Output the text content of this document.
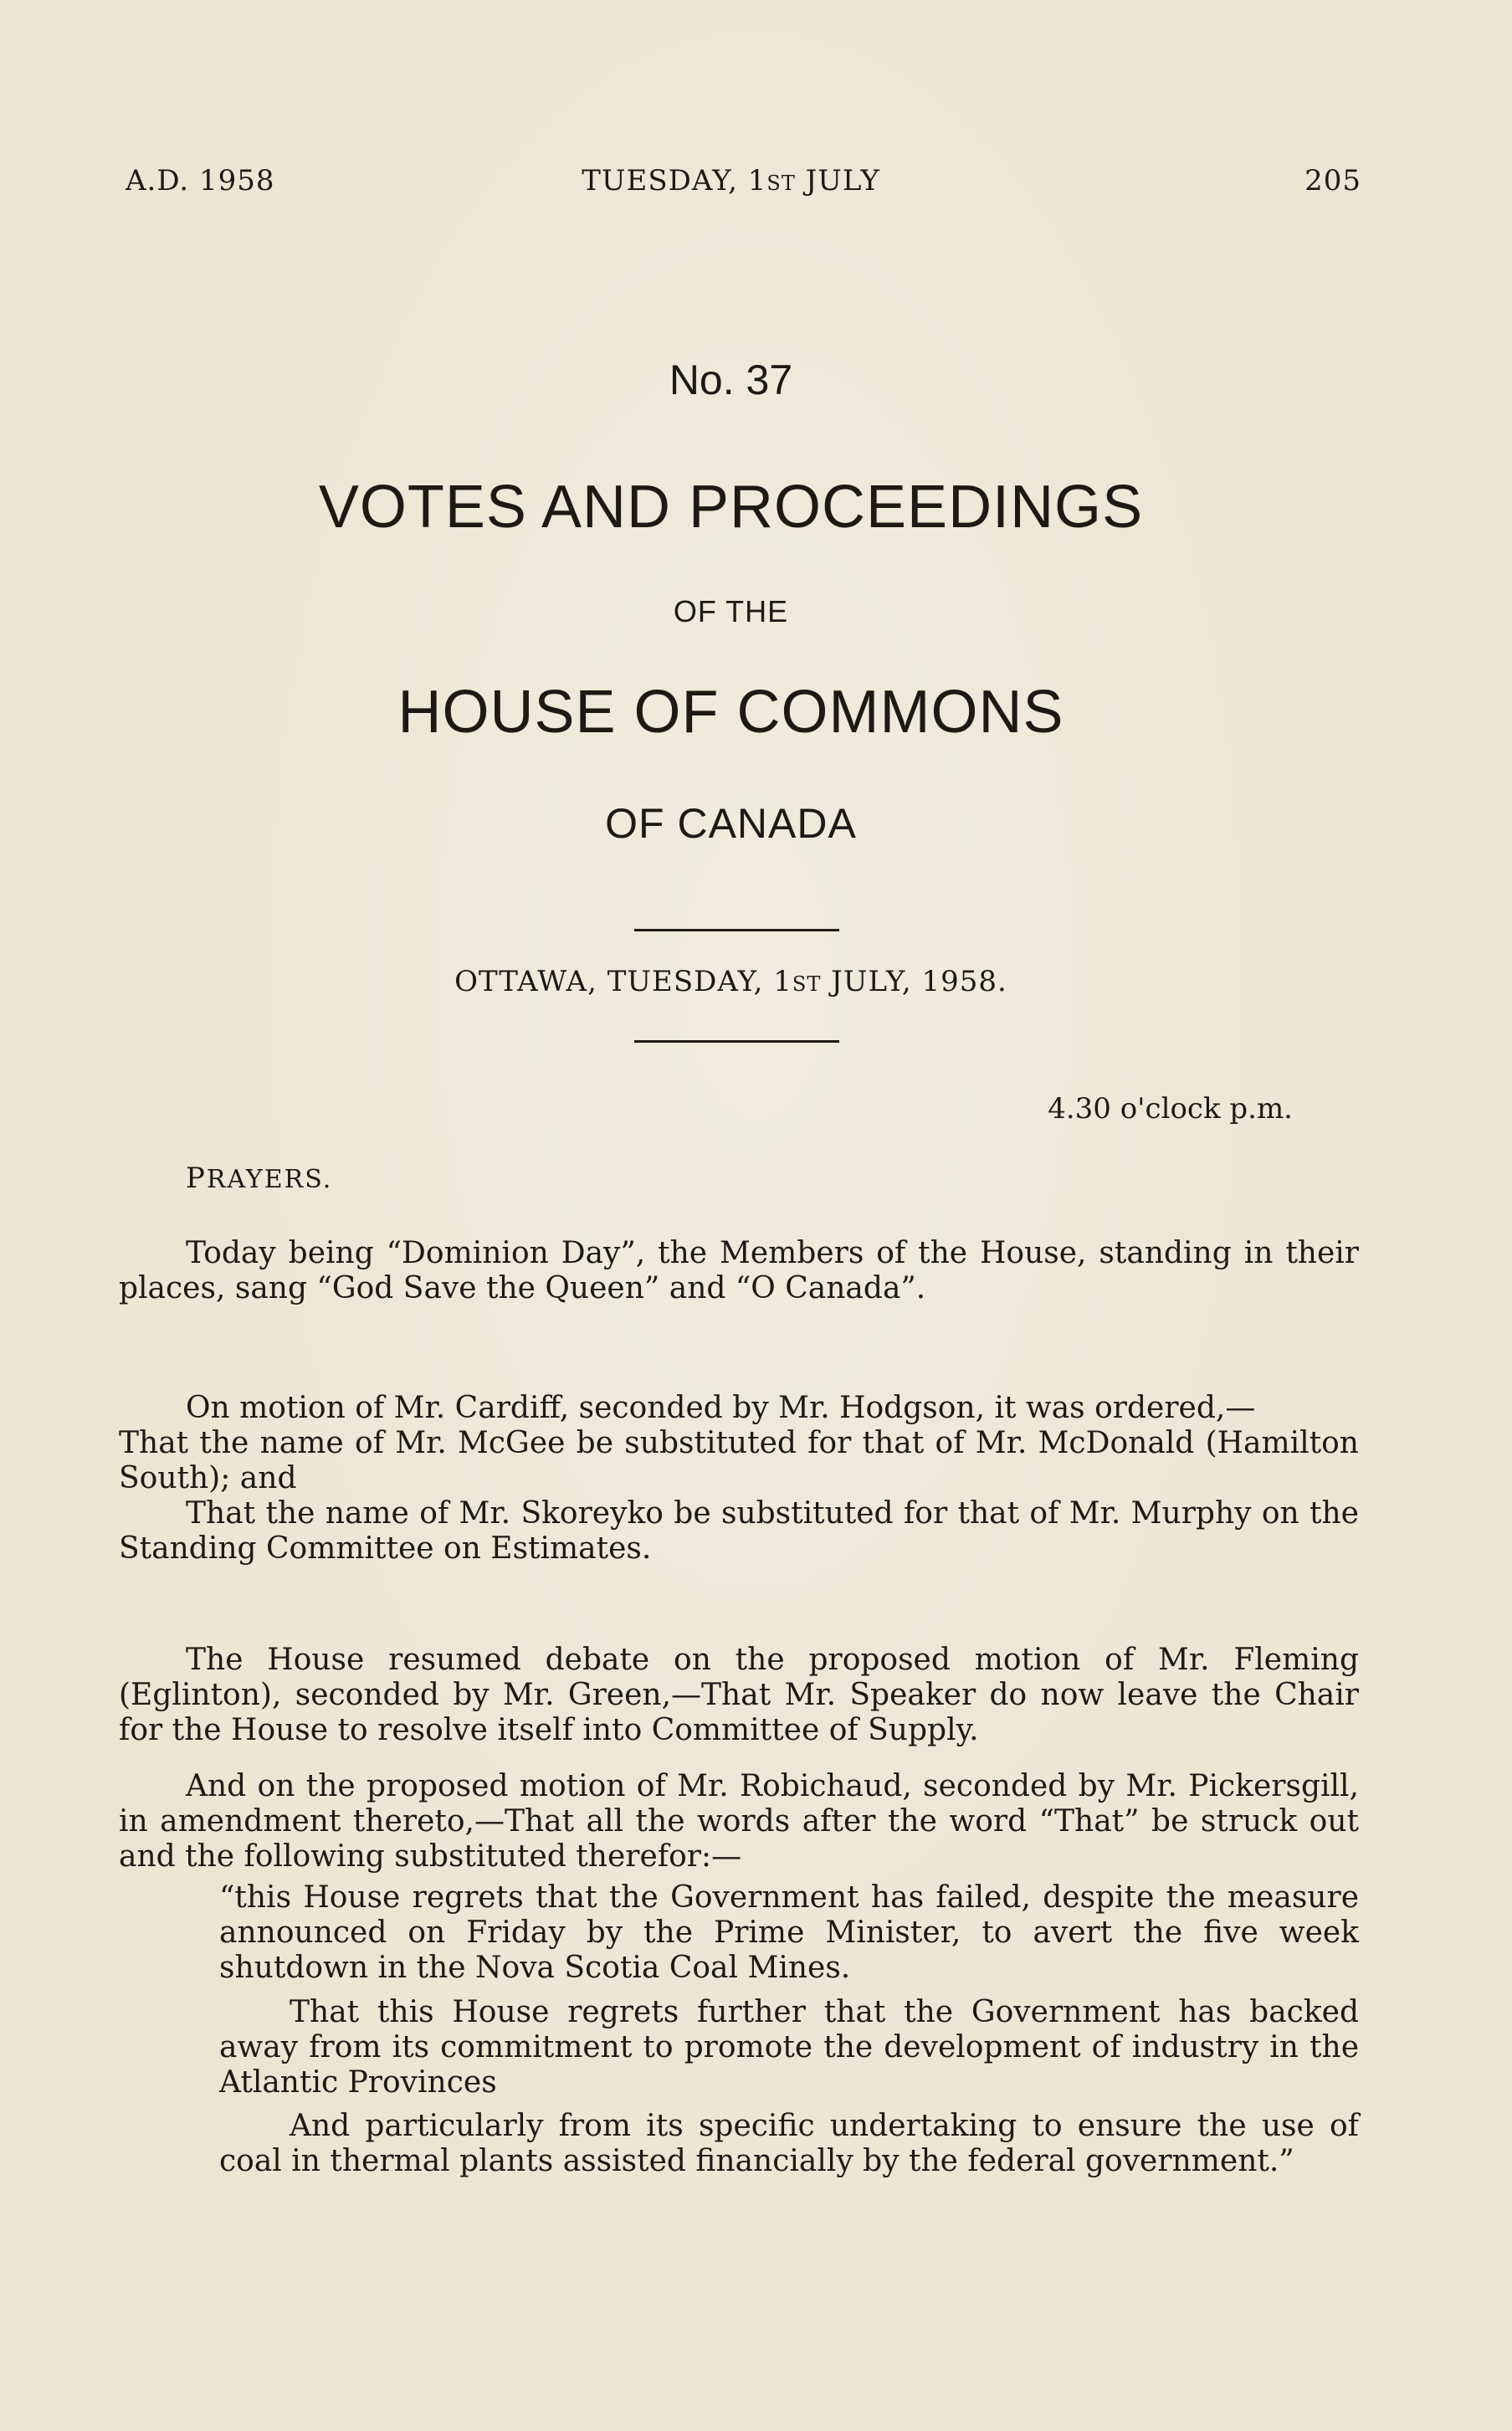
A.D. 1958	TUESDAY, 1ST JULY	205
No. 37
VOTES AND PROCEEDINGS
OF THE
HOUSE OF COMMONS
OF CANADA
OTTAWA, TUESDAY, 1ST JULY, 1958.
4.30 o'clock p.m.
PRAYERS.

Today being “Dominion Day”, the Members of the House, standing in their places, sang “God Save the Queen” and “O Canada”.

On motion of Mr. Cardiff, seconded by Mr. Hodgson, it was ordered,—

That the name of Mr. McGee be substituted for that of Mr. McDonald (Hamilton South); and

That the name of Mr. Skoreyko be substituted for that of Mr. Murphy on the Standing Committee on Estimates.

The House resumed debate on the proposed motion of Mr. Fleming (Eglinton), seconded by Mr. Green,—That Mr. Speaker do now leave the Chair for the House to resolve itself into Committee of Supply.

And on the proposed motion of Mr. Robichaud, seconded by Mr. Pickersgill, in amendment thereto,—That all the words after the word “That” be struck out and the following substituted therefor:—

“this House regrets that the Government has failed, despite the measure announced on Friday by the Prime Minister, to avert the five week shutdown in the Nova Scotia Coal Mines.

That this House regrets further that the Government has backed away from its commitment to promote the development of industry in the Atlantic Provinces

And particularly from its specific undertaking to ensure the use of coal in thermal plants assisted financially by the federal government.”
